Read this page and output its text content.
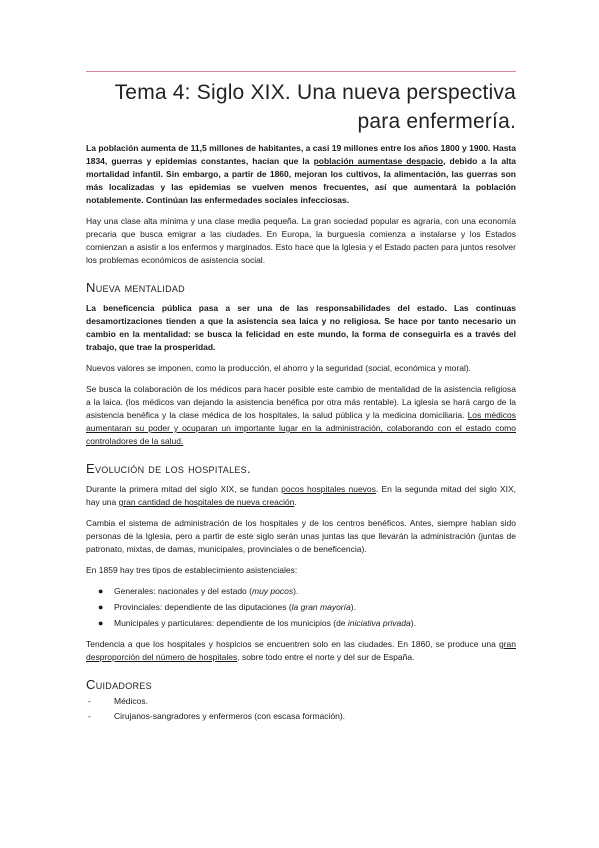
Tema 4: Siglo XIX. Una nueva perspectiva
para enfermería.

La población aumenta de 11,5 millones de habitantes, a casi 19 millones entre los años 1800 y 1900. Hasta 1834, guerras y epidemias constantes, hacían que la población aumentase despacio, debido a la alta mortalidad infantil. Sin embargo, a partir de 1860, mejoran los cultivos, la alimentación, las guerras son más localizadas y las epidemias se vuelven menos frecuentes, así que aumentará la población notablemente. Continúan las enfermedades sociales infecciosas.

Hay una clase alta mínima y una clase media pequeña. La gran sociedad popular es agraria, con una economía precaria que busca emigrar a las ciudades. En Europa, la burguesía comienza a instalarse y los Estados comienzan a asistir a los enfermos y marginados. Esto hace que la Iglesia y el Estado pacten para juntos resolver los problemas económicos de asistencia social.

Nueva mentalidad

La beneficencia pública pasa a ser una de las responsabilidades del estado. Las continuas desamortizaciones tienden a que la asistencia sea laica y no religiosa. Se hace por tanto necesario un cambio en la mentalidad: se busca la felicidad en este mundo, la forma de conseguirla es a través del trabajo, que trae la prosperidad.

Nuevos valores se imponen, como la producción, el ahorro y la seguridad (social, económica y moral).

Se busca la colaboración de los médicos para hacer posible este cambio de mentalidad de la asistencia religiosa a la laica. (los médicos van dejando la asistencia benéfica por otra más rentable). La iglesia se hará cargo de la asistencia benéfica y la clase médica de los hospitales, la salud pública y la medicina domiciliaria. Los médicos aumentaran su poder y ocuparan un importante lugar en la administración, colaborando con el estado como controladores de la salud.

Evolución de los hospitales.

Durante la primera mitad del siglo XIX, se fundan pocos hospitales nuevos. En la segunda mitad del siglo XIX, hay una gran cantidad de hospitales de nueva creación.

Cambia el sistema de administración de los hospitales y de los centros benéficos. Antes, siempre habían sido personas de la Iglesia, pero a partir de este siglo serán unas juntas las que llevarán la administración (juntas de patronato, mixtas, de damas, municipales, provinciales o de beneficencia).

En 1859 hay tres tipos de establecimiento asistenciales:

● Generales: nacionales y del estado (muy pocos).
● Provinciales: dependiente de las diputaciones (la gran mayoría).
● Municipales y particulares: dependiente de los municipios (de iniciativa privada).

Tendencia a que los hospitales y hospicios se encuentren solo en las ciudades. En 1860, se produce una gran desproporción del número de hospitales, sobre todo entre el norte y del sur de España.

Cuidadores
-	Médicos.
-	Cirujanos-sangradores y enfermeros (con escasa formación).
